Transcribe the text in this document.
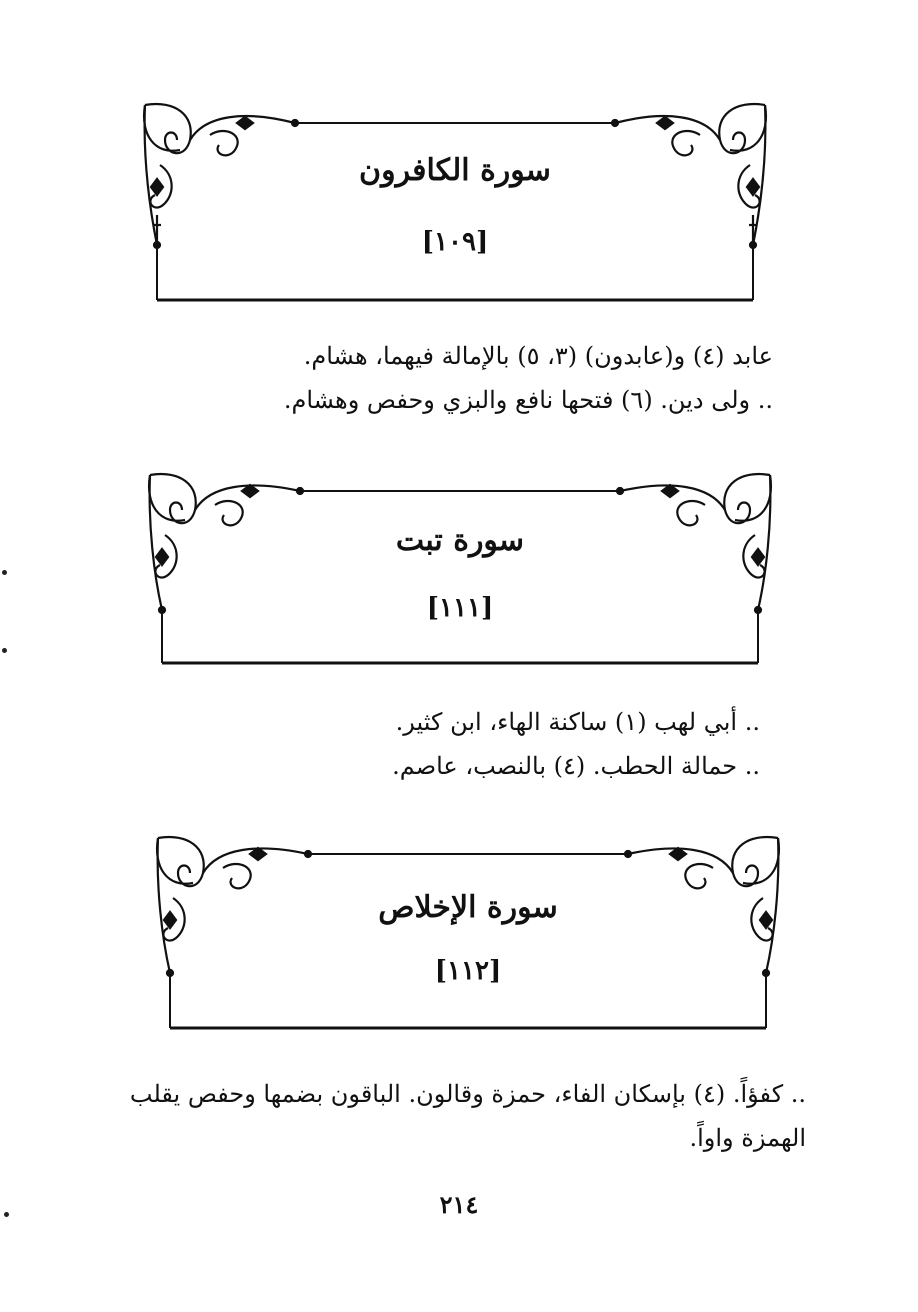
سورة الكافرون
[١٠٩]
عابد (٤) و(عابدون) (٣، ٥) بالإمالة فيهما، هشام.
.. ولى دين. (٦) فتحها نافع والبزي وحفص وهشام.
سورة تبت
[١١١]
.. أبي لهب (١) ساكنة الهاء، ابن كثير.
.. حمالة الحطب. (٤) بالنصب، عاصم.
سورة الإخلاص
[١١٢]
.. كفؤاً. (٤) بإسكان الفاء، حمزة وقالون. الباقون بضمها وحفص يقلب
الهمزة واواً.
٢١٤
